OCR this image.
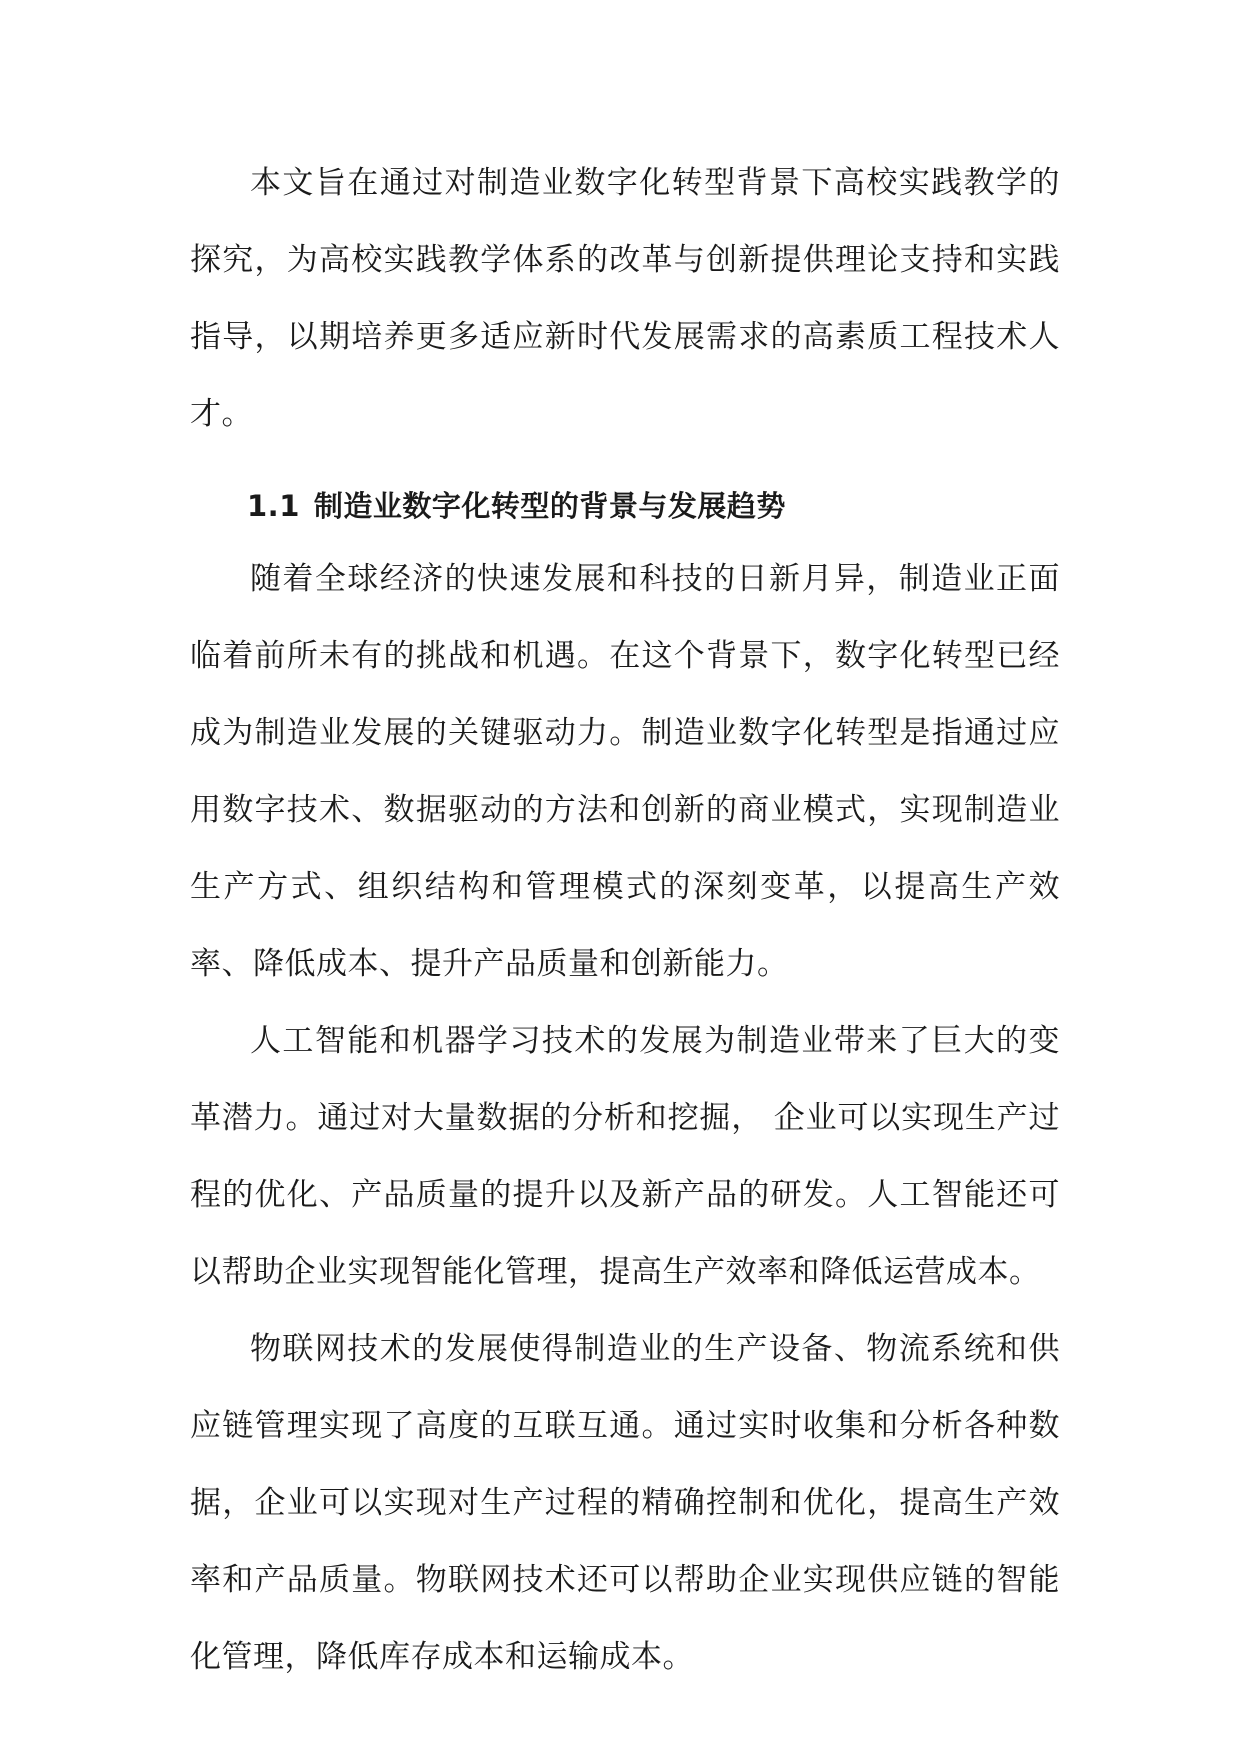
本文旨在通过对制造业数字化转型背景下高校实践教学的探究，为高校实践教学体系的改革与创新提供理论支持和实践指导，以期培养更多适应新时代发展需求的高素质工程技术人才。

1.1 制造业数字化转型的背景与发展趋势

随着全球经济的快速发展和科技的日新月异，制造业正面临着前所未有的挑战和机遇。在这个背景下，数字化转型已经成为制造业发展的关键驱动力。制造业数字化转型是指通过应用数字技术、数据驱动的方法和创新的商业模式，实现制造业生产方式、组织结构和管理模式的深刻变革，以提高生产效率、降低成本、提升产品质量和创新能力。

人工智能和机器学习技术的发展为制造业带来了巨大的变革潜力。通过对大量数据的分析和挖掘， 企业可以实现生产过程的优化、产品质量的提升以及新产品的研发。人工智能还可以帮助企业实现智能化管理，提高生产效率和降低运营成本。

物联网技术的发展使得制造业的生产设备、物流系统和供应链管理实现了高度的互联互通。通过实时收集和分析各种数据，企业可以实现对生产过程的精确控制和优化，提高生产效率和产品质量。物联网技术还可以帮助企业实现供应链的智能化管理，降低库存成本和运输成本。
